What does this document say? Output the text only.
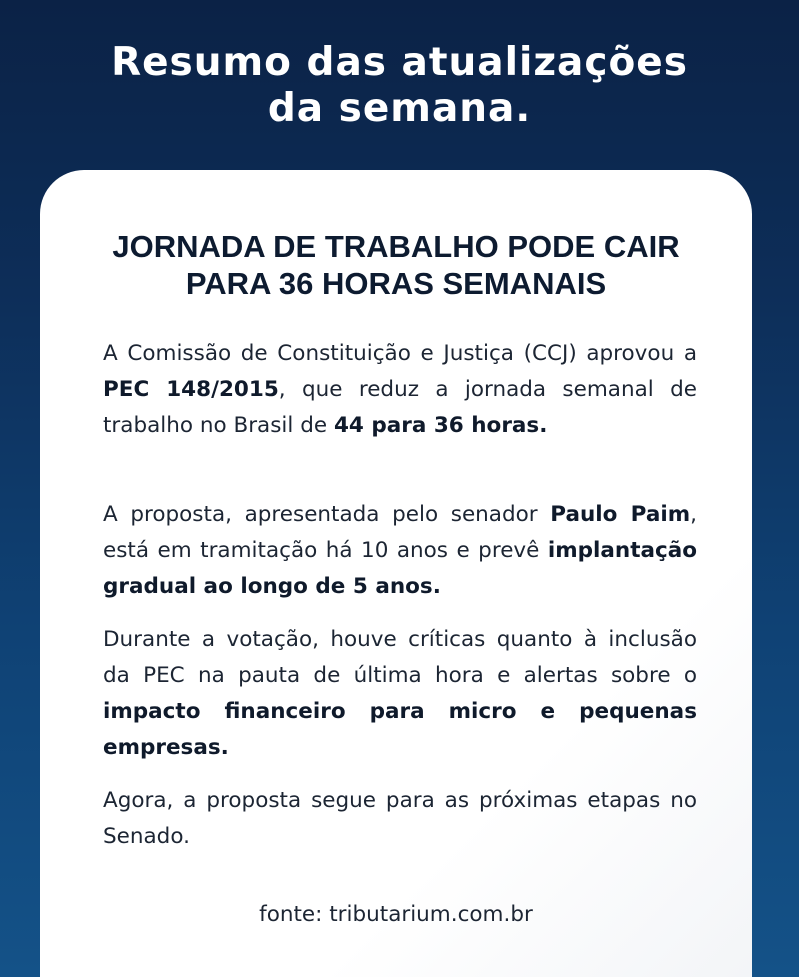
Resumo das atualizações
da semana.
JORNADA DE TRABALHO PODE CAIR
PARA 36 HORAS SEMANAIS

A Comissão de Constituição e Justiça (CCJ) aprovou a PEC 148/2015, que reduz a jornada semanal de trabalho no Brasil de 44 para 36 horas.

A proposta, apresentada pelo senador Paulo Paim, está em tramitação há 10 anos e prevê implantação gradual ao longo de 5 anos.

Durante a votação, houve críticas quanto à inclusão da PEC na pauta de última hora e alertas sobre o impacto financeiro para micro e pequenas empresas.

Agora, a proposta segue para as próximas etapas no Senado.

fonte: tributarium.com.br
